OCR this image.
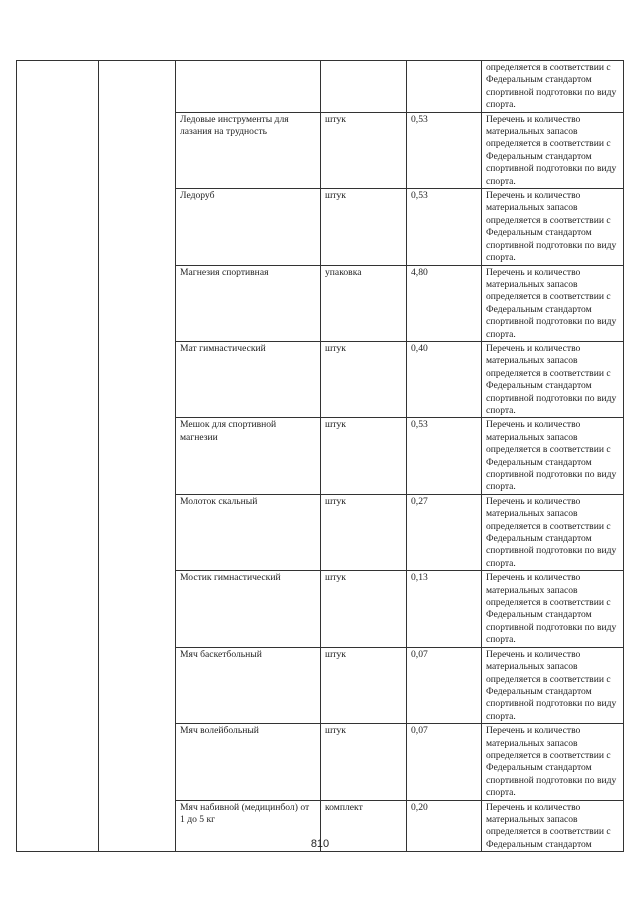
					определяется в соответствии с Федеральным стандартом спортивной подготовки по виду спорта.
		Ледовые инструменты для лазания на трудность	штук	0,53	Перечень и количество материальных запасов определяется в соответствии с Федеральным стандартом спортивной подготовки по виду спорта.
		Ледоруб	штук	0,53	Перечень и количество материальных запасов определяется в соответствии с Федеральным стандартом спортивной подготовки по виду спорта.
		Магнезия спортивная	упаковка	4,80	Перечень и количество материальных запасов определяется в соответствии с Федеральным стандартом спортивной подготовки по виду спорта.
		Мат гимнастический	штук	0,40	Перечень и количество материальных запасов определяется в соответствии с Федеральным стандартом спортивной подготовки по виду спорта.
		Мешок для спортивной магнезии	штук	0,53	Перечень и количество материальных запасов определяется в соответствии с Федеральным стандартом спортивной подготовки по виду спорта.
		Молоток скальный	штук	0,27	Перечень и количество материальных запасов определяется в соответствии с Федеральным стандартом спортивной подготовки по виду спорта.
		Мостик гимнастический	штук	0,13	Перечень и количество материальных запасов определяется в соответствии с Федеральным стандартом спортивной подготовки по виду спорта.
		Мяч баскетбольный	штук	0,07	Перечень и количество материальных запасов определяется в соответствии с Федеральным стандартом спортивной подготовки по виду спорта.
		Мяч волейбольный	штук	0,07	Перечень и количество материальных запасов определяется в соответствии с Федеральным стандартом спортивной подготовки по виду спорта.
		Мяч набивной (медицинбол) от 1 до 5 кг	комплект	0,20	Перечень и количество материальных запасов определяется в соответствии с Федеральным стандартом
810
